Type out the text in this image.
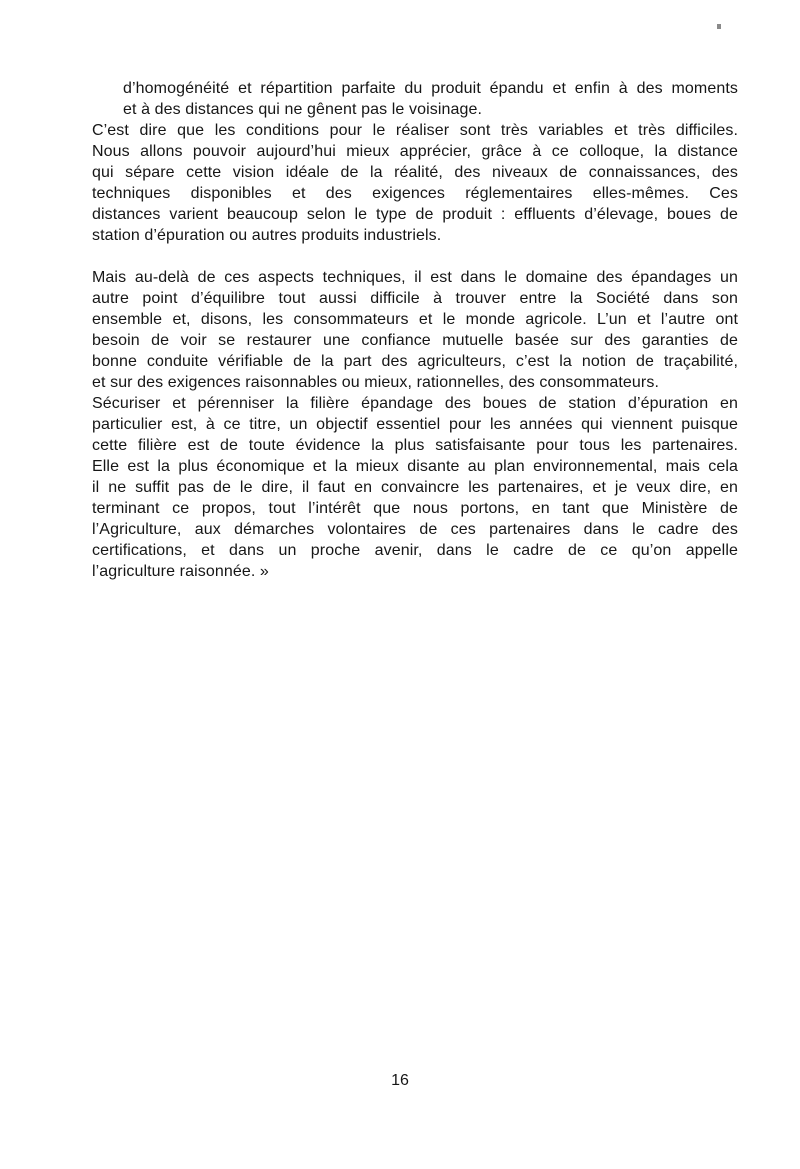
d’homogénéité et répartition parfaite du produit épandu et enfin à des moments
et à des distances qui ne gênent pas le voisinage.
C’est dire que les conditions pour le réaliser sont très variables et très difficiles.
Nous allons pouvoir aujourd’hui mieux apprécier, grâce à ce colloque, la distance
qui sépare cette vision idéale de la réalité, des niveaux de connaissances, des
techniques disponibles et des exigences réglementaires elles-mêmes. Ces
distances varient beaucoup selon le type de produit : effluents d’élevage, boues de
station d’épuration ou autres produits industriels.
Mais au-delà de ces aspects techniques, il est dans le domaine des épandages un
autre point d’équilibre tout aussi difficile à trouver entre la Société dans son
ensemble et, disons, les consommateurs et le monde agricole. L’un et l’autre ont
besoin de voir se restaurer une confiance mutuelle basée sur des garanties de
bonne conduite vérifiable de la part des agriculteurs, c’est la notion de traçabilité,
et sur des exigences raisonnables ou mieux, rationnelles, des consommateurs.
Sécuriser et pérenniser la filière épandage des boues de station d’épuration en
particulier est, à ce titre, un objectif essentiel pour les années qui viennent puisque
cette filière est de toute évidence la plus satisfaisante pour tous les partenaires.
Elle est la plus économique et la mieux disante au plan environnemental, mais cela
il ne suffit pas de le dire, il faut en convaincre les partenaires, et je veux dire, en
terminant ce propos, tout l’intérêt que nous portons, en tant que Ministère de
l’Agriculture, aux démarches volontaires de ces partenaires dans le cadre des
certifications, et dans un proche avenir, dans le cadre de ce qu’on appelle
l’agriculture raisonnée. »
16
